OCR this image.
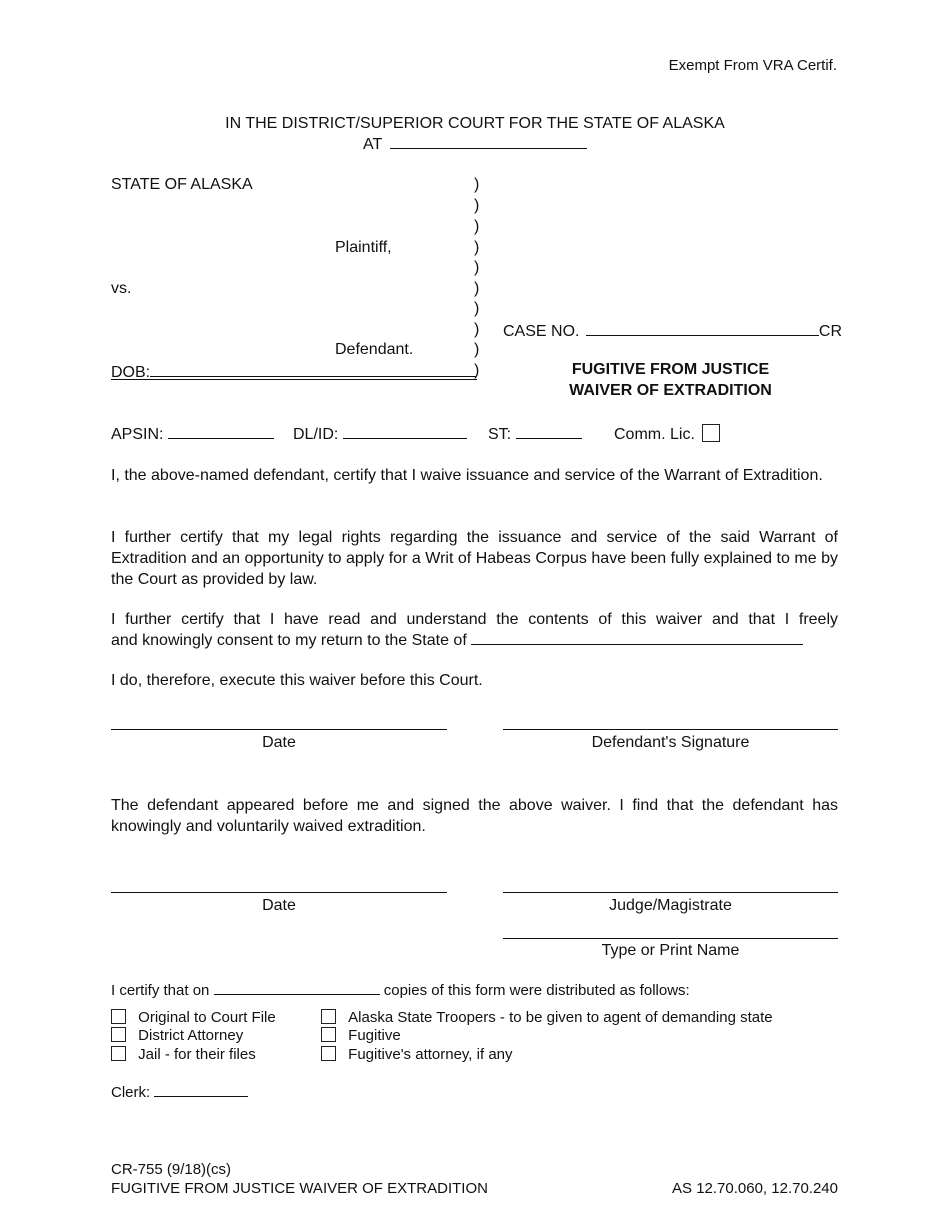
Exempt From VRA Certif.
IN THE DISTRICT/SUPERIOR COURT FOR THE STATE OF ALASKA
AT
STATE OF ALASKA
Plaintiff,
vs.
Defendant.
DOB:
)
)
)
)
)
)
)
)
)
)
CASE NO.	CR
FUGITIVE FROM JUSTICE
WAIVER OF EXTRADITION
APSIN:	DL/ID:	ST:	Comm. Lic.
I, the above-named defendant, certify that I waive issuance and service of the Warrant of Extradition.
I further certify that my legal rights regarding the issuance and service of the said Warrant of Extradition and an opportunity to apply for a Writ of Habeas Corpus have been fully explained to me by the Court as provided by law.
I further certify that I have read and understand the contents of this waiver and that I freely
and knowingly consent to my return to the State of
I do, therefore, execute this waiver before this Court.
Date	Defendant's Signature
The defendant appeared before me and signed the above waiver. I find that the defendant has knowingly and voluntarily waived extradition.
Date	Judge/Magistrate
Type or Print Name
I certify that on	copies of this form were distributed as follows:
Original to Court File
District Attorney
Jail - for their files
Alaska State Troopers - to be given to agent of demanding state
Fugitive
Fugitive's attorney, if any
Clerk:
CR-755 (9/18)(cs)
FUGITIVE FROM JUSTICE WAIVER OF EXTRADITION	AS 12.70.060, 12.70.240
